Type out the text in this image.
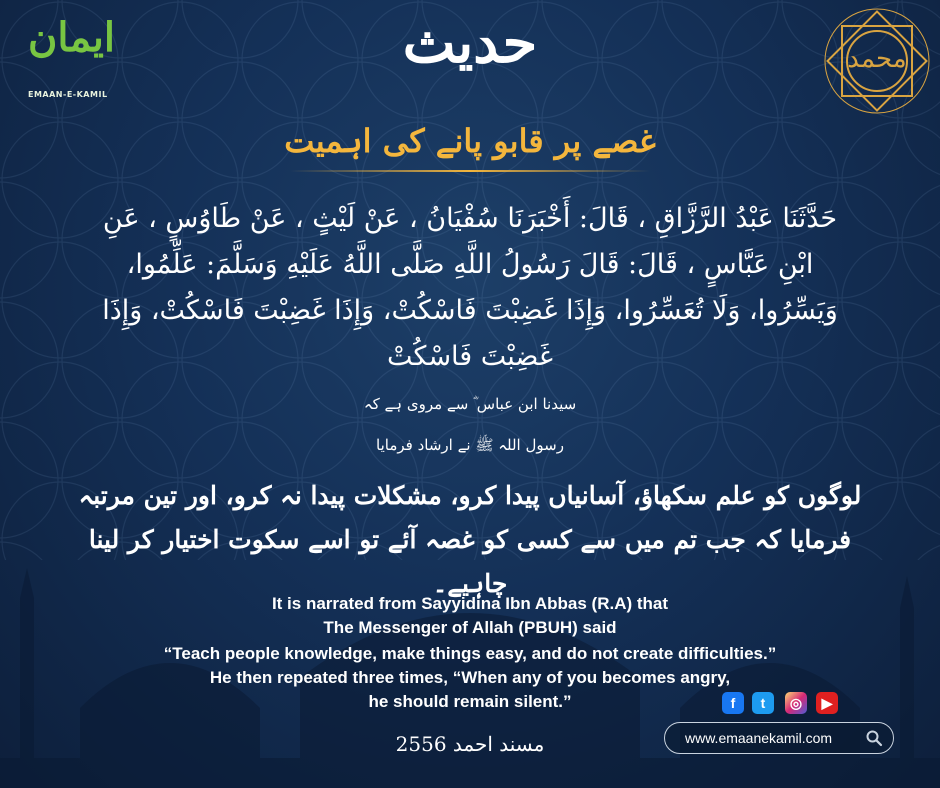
ایمان
EMAAN-E-KAMIL
محمد
حدیث
غصے پر قابو پانے کی اہمیت
حَدَّثَنَا عَبْدُ الرَّزَّاقِ ، قَالَ: أَخْبَرَنَا سُفْيَانُ ، عَنْ لَيْثٍ ، عَنْ طَاوُسٍ ، عَنِ ابْنِ عَبَّاسٍ ، قَالَ: قَالَ رَسُولُ اللَّهِ صَلَّى اللَّهُ عَلَيْهِ وَسَلَّمَ: عَلِّمُوا، وَيَسِّرُوا، وَلَا تُعَسِّرُوا، وَإِذَا غَضِبْتَ فَاسْكُتْ، وَإِذَا غَضِبْتَ فَاسْكُتْ، وَإِذَا غَضِبْتَ فَاسْكُتْ
سیدنا ابن عباس ؓ سے مروی ہے کہ
رسول اللہ ﷺ نے ارشاد فرمایا
لوگوں کو علم سکھاؤ، آسانیاں پیدا کرو، مشکلات پیدا نہ کرو، اور تین مرتبہ فرمایا کہ جب تم میں سے کسی کو غصہ آئے تو اسے سکوت اختیار کر لینا چاہیے۔
It is narrated from Sayyidina Ibn Abbas (R.A) that
The Messenger of Allah (PBUH) said
“Teach people knowledge, make things easy, and do not create difficulties.”
He then repeated three times, “When any of you becomes angry,
he should remain silent.”
مسند احمد 2556
f	t	◎	▶
www.emaanekamil.com
